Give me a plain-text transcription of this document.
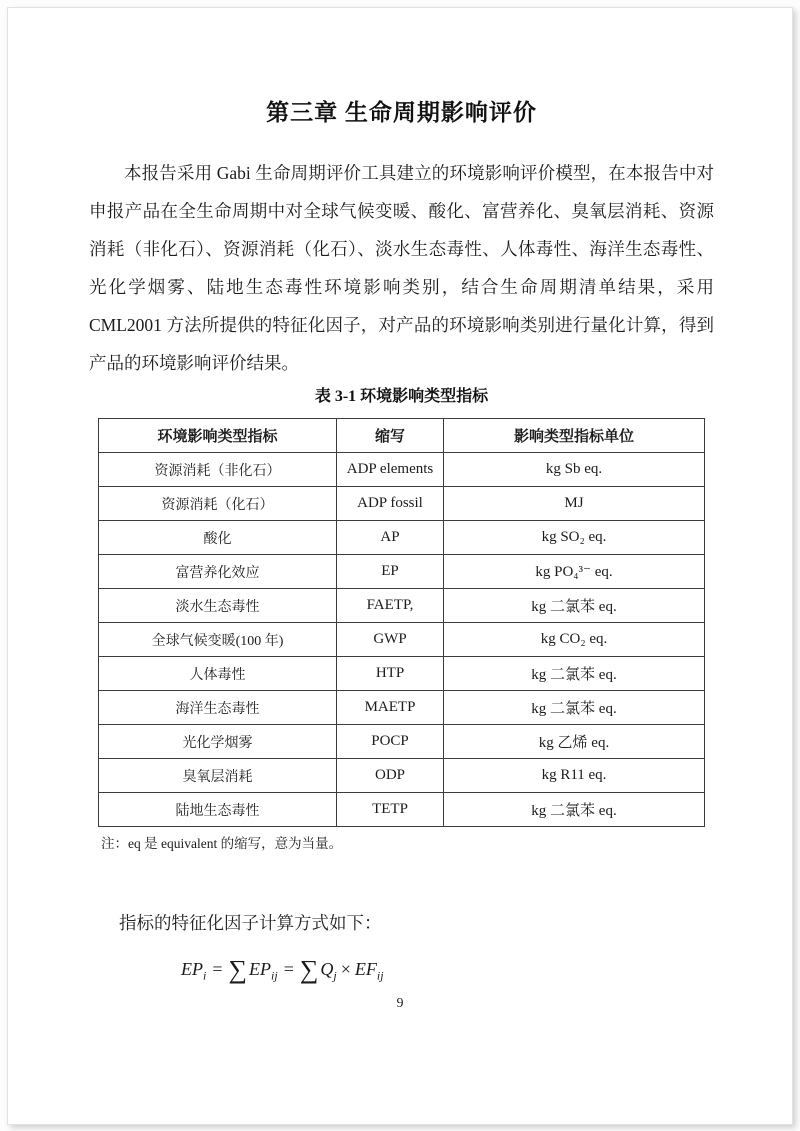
第三章 生命周期影响评价

本报告采用 Gabi 生命周期评价工具建立的环境影响评价模型，在本报告中对申报产品在全生命周期中对全球气候变暖、酸化、富营养化、臭氧层消耗、资源消耗（非化石）、资源消耗（化石）、淡水生态毒性、人体毒性、海洋生态毒性、光化学烟雾、陆地生态毒性环境影响类别，结合生命周期清单结果，采用 CML2001 方法所提供的特征化因子，对产品的环境影响类别进行量化计算，得到产品的环境影响评价结果。

表 3-1 环境影响类型指标
环境影响类型指标	缩写	影响类型指标单位
资源消耗（非化石）	ADP elements	kg Sb eq.
资源消耗（化石）	ADP fossil	MJ
酸化	AP	kg SO₂ eq.
富营养化效应	EP	kg PO₄³⁻ eq.
淡水生态毒性	FAETP,	kg 二氯苯 eq.
全球气候变暖(100 年)	GWP	kg CO₂ eq.
人体毒性	HTP	kg 二氯苯 eq.
海洋生态毒性	MAETP	kg 二氯苯 eq.
光化学烟雾	POCP	kg 乙烯 eq.
臭氧层消耗	ODP	kg R11 eq.
陆地生态毒性	TETP	kg 二氯苯 eq.
注：eq 是 equivalent 的缩写，意为当量。
指标的特征化因子计算方式如下：
$EP_i$ = ∑ $EP_{ij}$ = ∑ $Q_j \times EF_{ij}$
9
